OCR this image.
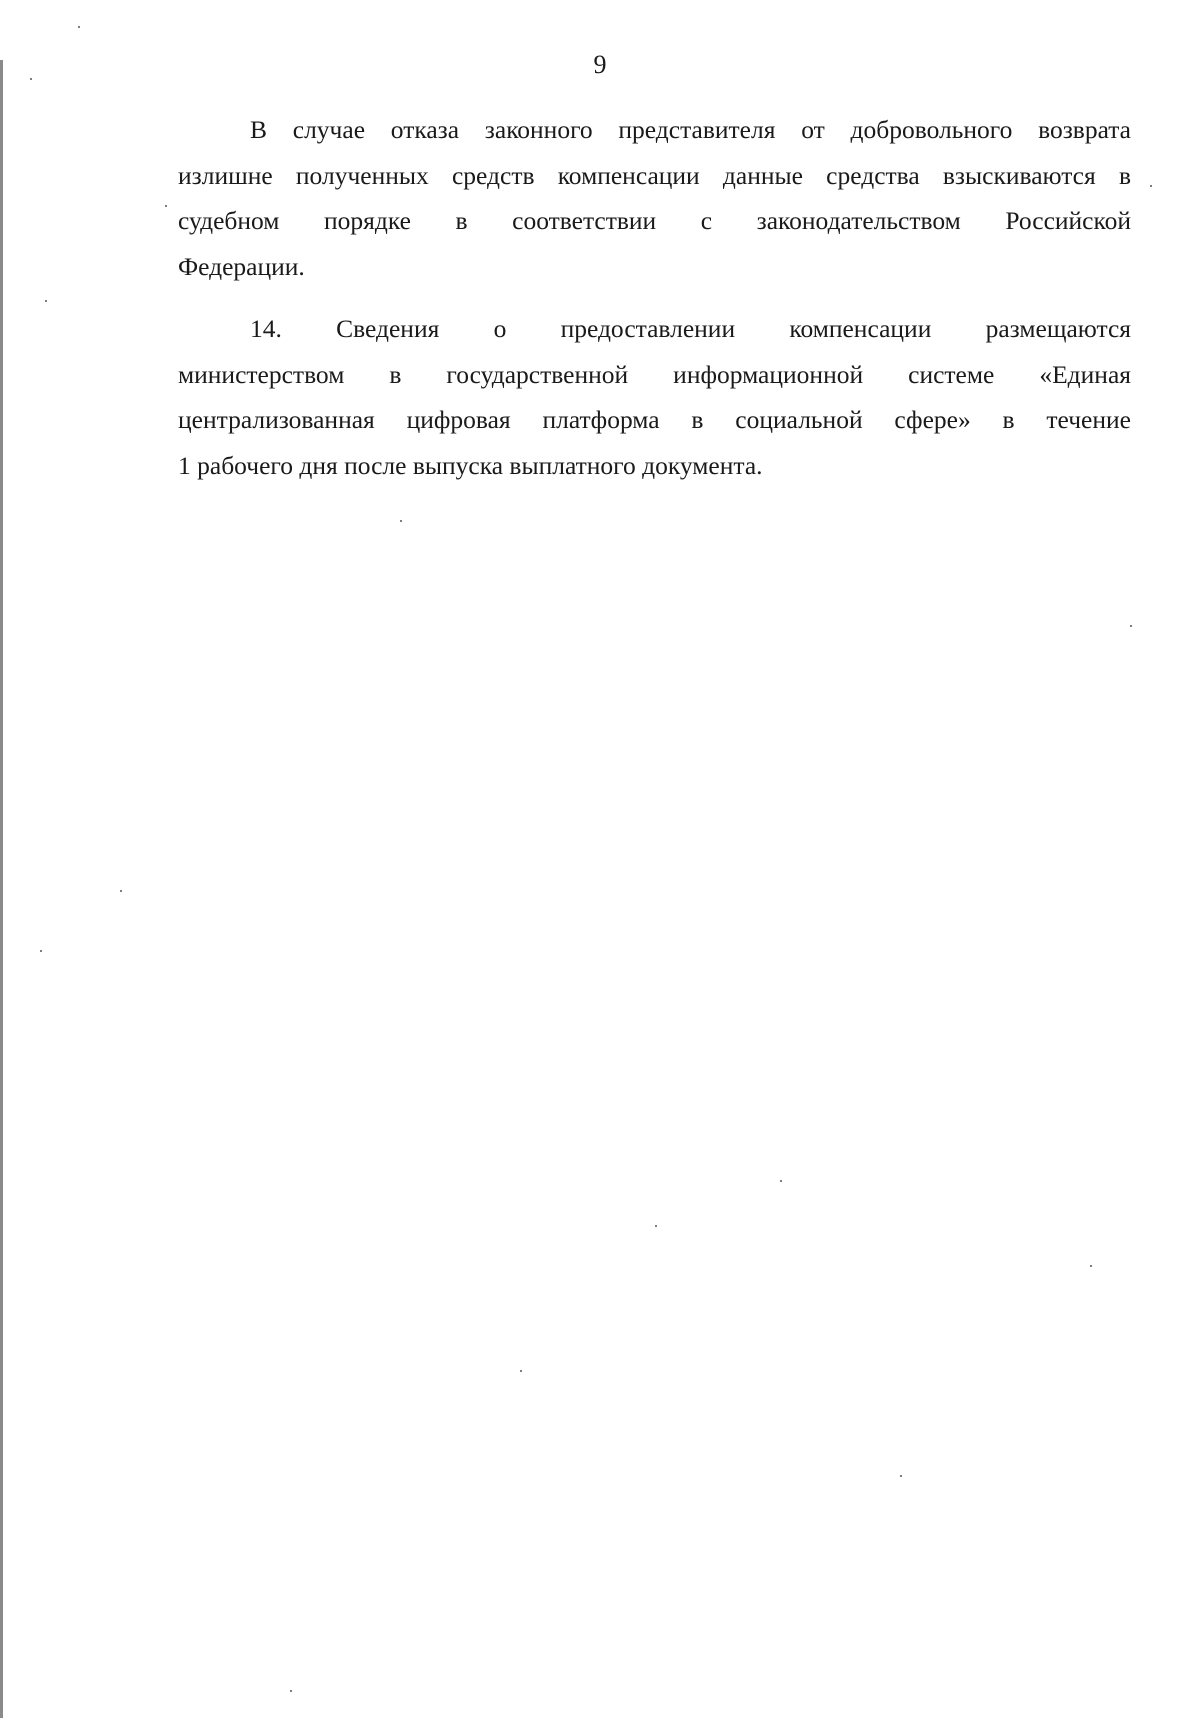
9

В случае отказа законного представителя от добровольного возврата
излишне полученных средств компенсации данные средства взыскиваются в
судебном порядке в соответствии с законодательством Российской
Федерации.

14. Сведения о предоставлении компенсации размещаются
министерством в государственной информационной системе «Единая
централизованная цифровая платформа в социальной сфере» в течение
1 рабочего дня после выпуска выплатного документа.
